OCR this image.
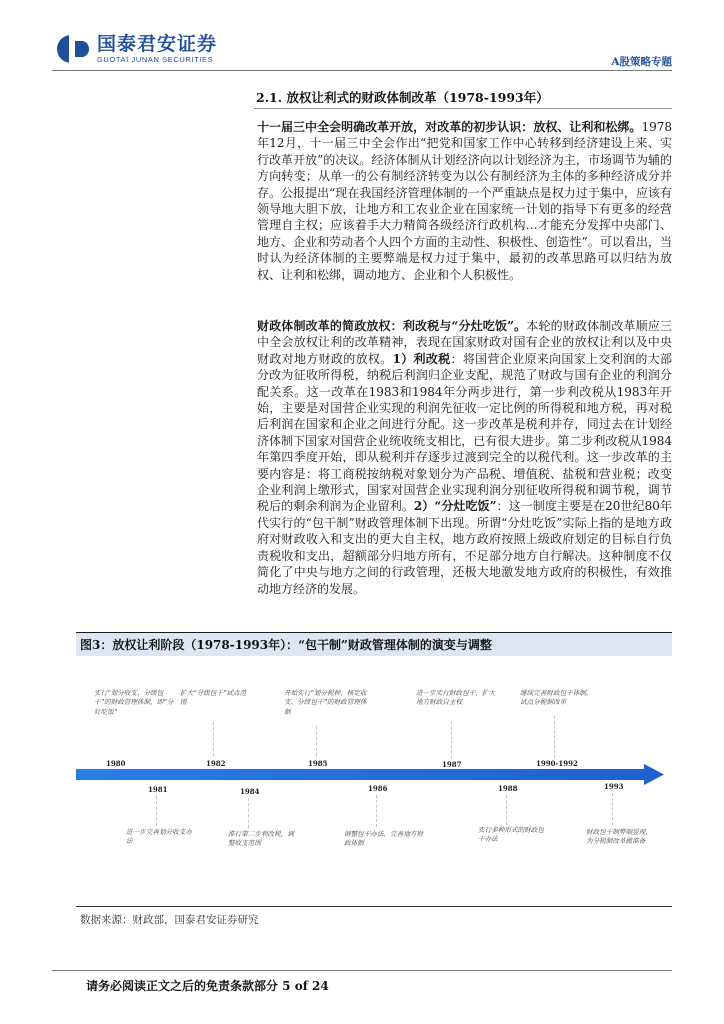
国泰君安证券
GUOTAI JUNAN SECURITIES	A股策略专题
2.1. 放权让利式的财政体制改革（1978-1993年）
十一届三中全会明确改革开放，对改革的初步认识：放权、让利和松绑。1978年12月，十一届三中全会作出“把党和国家工作中心转移到经济建设上来、实行改革开放”的决议。经济体制从计划经济向以计划经济为主，市场调节为辅的方向转变；从单一的公有制经济转变为以公有制经济为主体的多种经济成分并存。公报提出“现在我国经济管理体制的一个严重缺点是权力过于集中，应该有领导地大胆下放，让地方和工农业企业在国家统一计划的指导下有更多的经营管理自主权；应该着手大力精简各级经济行政机构…才能充分发挥中央部门、地方、企业和劳动者个人四个方面的主动性、积极性、创造性”。可以看出，当时认为经济体制的主要弊端是权力过于集中，最初的改革思路可以归结为放权、让利和松绑，调动地方、企业和个人积极性。
财政体制改革的简政放权：利改税与“分灶吃饭”。本轮的财政体制改革顺应三中全会放权让利的改革精神，表现在国家财政对国有企业的放权让利以及中央财政对地方财政的放权。1）利改税：将国营企业原来向国家上交利润的大部分改为征收所得税，纳税后利润归企业支配，规范了财政与国有企业的利润分配关系。这一改革在1983和1984年分两步进行，第一步利改税从1983年开始，主要是对国营企业实现的利润先征收一定比例的所得税和地方税，再对税后利润在国家和企业之间进行分配。这一步改革是税利并存，同过去在计划经济体制下国家对国营企业统收统支相比，已有很大进步。第二步利改税从1984年第四季度开始，即从税利并存逐步过渡到完全的以税代利。这一步改革的主要内容是：将工商税按纳税对象划分为产品税、增值税、盐税和营业税；改变企业利润上缴形式，国家对国营企业实现利润分别征收所得税和调节税，调节税后的剩余利润为企业留利。2）“分灶吃饭”：这一制度主要是在20世纪80年代实行的“包干制”财政管理体制下出现。所谓“分灶吃饭”实际上指的是地方政府对财政收入和支出的更大自主权，地方政府按照上级政府划定的目标自行负责税收和支出，超额部分归地方所有，不足部分地方自行解决。这种制度不仅简化了中央与地方之间的行政管理，还极大地激发地方政府的积极性，有效推动地方经济的发展。
图3：放权让利阶段（1978-1993年）：“包干制”财政管理体制的演变与调整
实行“划分收支、分级包干”的财政管理体制，即“分灶吃饭”
1980
扩大“分级包干”试点范围
1982
开始实行“划分税种、核定收支、分级包干”的财政管理体制
1985
进一步实行财政包干，扩大地方财政自主权
1987
继续完善财政包干体制，试点分税制改革
1990-1992
1981
进一步完善划分收支办法
1984
推行第二步利改税，调整收支范围
1986
调整包干办法，完善地方财政体制
1988
实行多种形式的财政包干办法
1993
财政包干制弊端显现，为分税制改革做准备
数据来源：财政部，国泰君安证券研究
请务必阅读正文之后的免责条款部分 5 of 24
